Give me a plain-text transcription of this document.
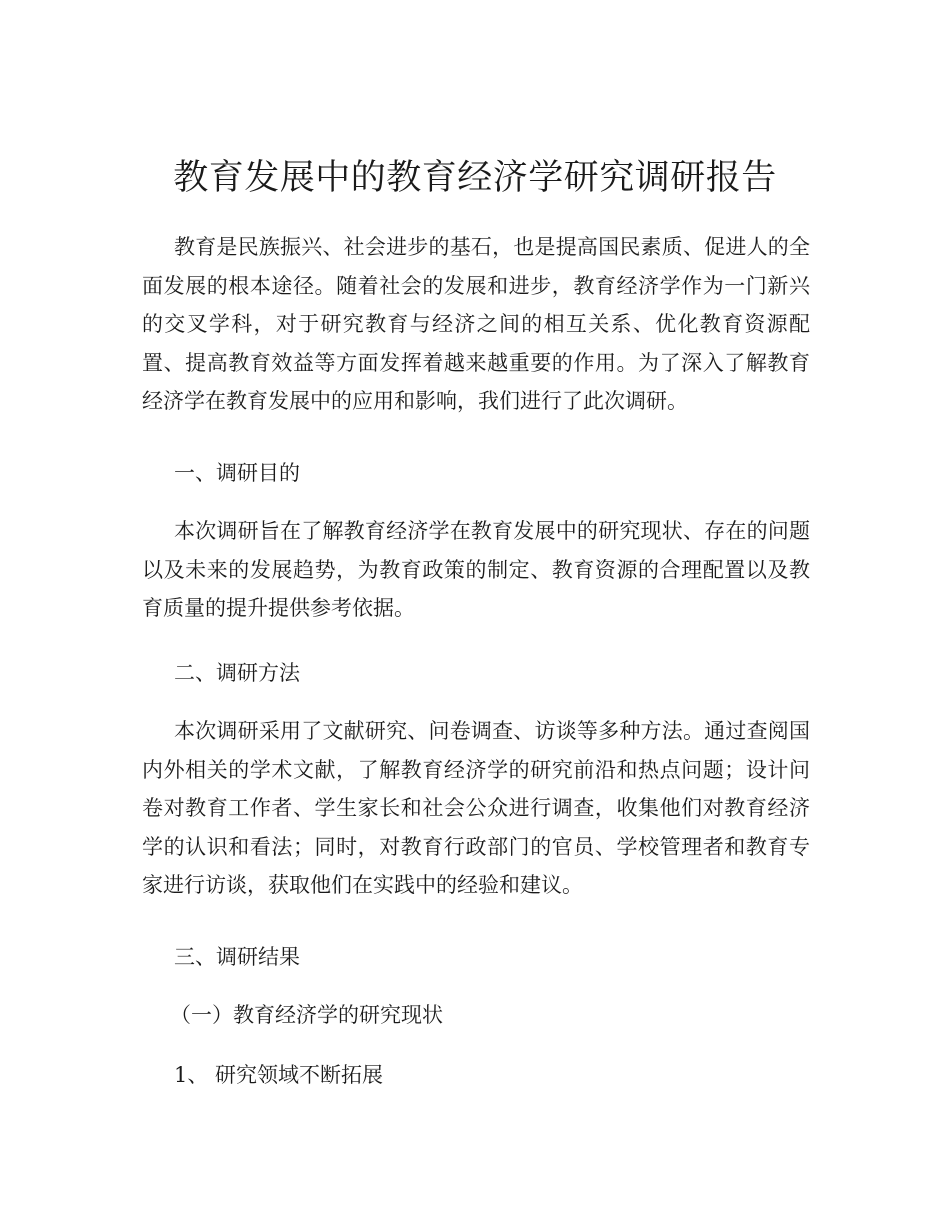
教育发展中的教育经济学研究调研报告

教育是民族振兴、社会进步的基石，也是提高国民素质、促进人的全面发展的根本途径。随着社会的发展和进步，教育经济学作为一门新兴的交叉学科，对于研究教育与经济之间的相互关系、优化教育资源配置、提高教育效益等方面发挥着越来越重要的作用。为了深入了解教育经济学在教育发展中的应用和影响，我们进行了此次调研。

一、调研目的

本次调研旨在了解教育经济学在教育发展中的研究现状、存在的问题以及未来的发展趋势，为教育政策的制定、教育资源的合理配置以及教育质量的提升提供参考依据。

二、调研方法

本次调研采用了文献研究、问卷调查、访谈等多种方法。通过查阅国内外相关的学术文献，了解教育经济学的研究前沿和热点问题；设计问卷对教育工作者、学生家长和社会公众进行调查，收集他们对教育经济学的认识和看法；同时，对教育行政部门的官员、学校管理者和教育专家进行访谈，获取他们在实践中的经验和建议。

三、调研结果
（一）教育经济学的研究现状
1、 研究领域不断拓展
